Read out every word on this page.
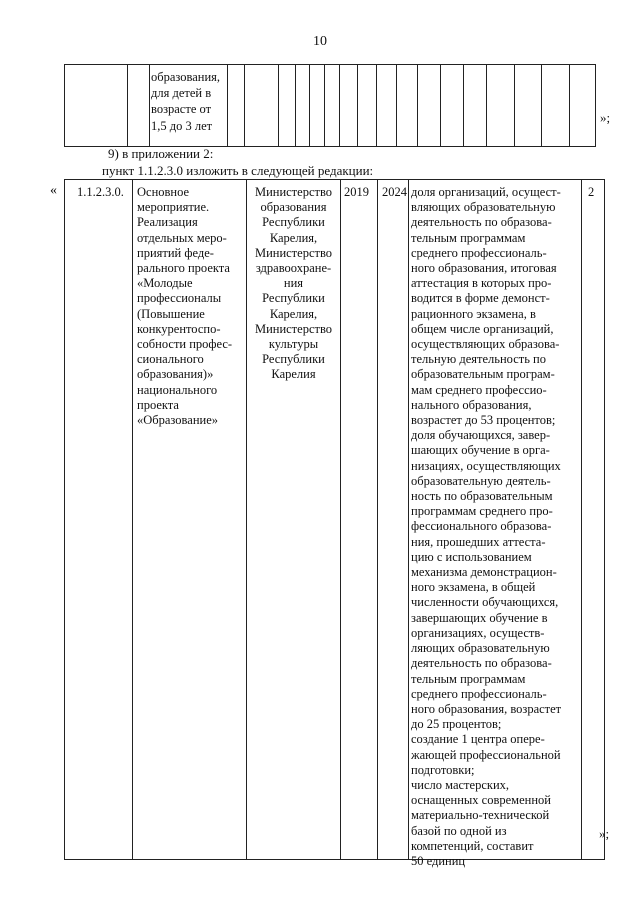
10
образования,
для детей в
возрасте от
1,5 до 3 лет
»;
9) в приложении 2:
пункт 1.1.2.3.0 изложить в следующей редакции:
« 1.1.2.3.0. Основное
мероприятие.
Реализация
отдельных меро-
приятий феде-
рального проекта
«Молодые
профессионалы
(Повышение
конкурентоспо-
собности профес-
сионального
образования)»
национального
проекта
«Образование»
Министерство
образования
Республики
Карелия,
Министерство
здравоохране-
ния
Республики
Карелия,
Министерство
культуры
Республики
Карелия
2019 2024 доля организаций, осущест-
вляющих образовательную
деятельность по образова-
тельным программам
среднего профессиональ-
ного образования, итоговая
аттестация в которых про-
водится в форме демонст-
рационного экзамена, в
общем числе организаций,
осуществляющих образова-
тельную деятельность по
образовательным програм-
мам среднего профессио-
нального образования,
возрастет до 53 процентов;
доля обучающихся, завер-
шающих обучение в орга-
низациях, осуществляющих
образовательную деятель-
ность по образовательным
программам среднего про-
фессионального образова-
ния, прошедших аттеста-
цию с использованием
механизма демонстрацион-
ного экзамена, в общей
численности обучающихся,
завершающих обучение в
организациях, осуществ-
ляющих образовательную
деятельность по образова-
тельным программам
среднего профессиональ-
ного образования, возрастет
до 25 процентов;
создание 1 центра опере-
жающей профессиональной
подготовки;
число мастерских,
оснащенных современной
материально-технической
базой по одной из
компетенций, составит
50 единиц
2
»;
